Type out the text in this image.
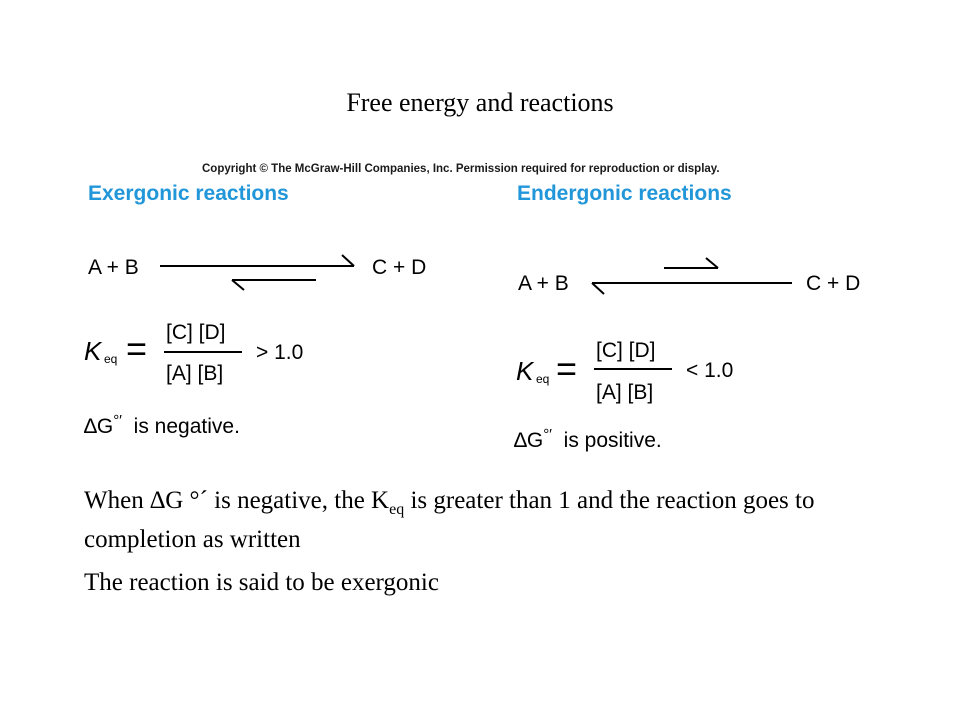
Free energy and reactions
Copyright © The McGraw-Hill Companies, Inc. Permission required for reproduction or display.
Exergonic reactions
A + B	C + D
K eq = [C] [D]
[A] [B]
> 1.0
∆G°′ is negative.
Endergonic reactions
A + B	C + D
K eq = [C] [D]
[A] [B]
< 1.0
∆G°′ is positive.

When ∆G °´ is negative, the $K_{eq}$ is greater than 1 and the reaction goes to completion as written

The reaction is said to be exergonic
